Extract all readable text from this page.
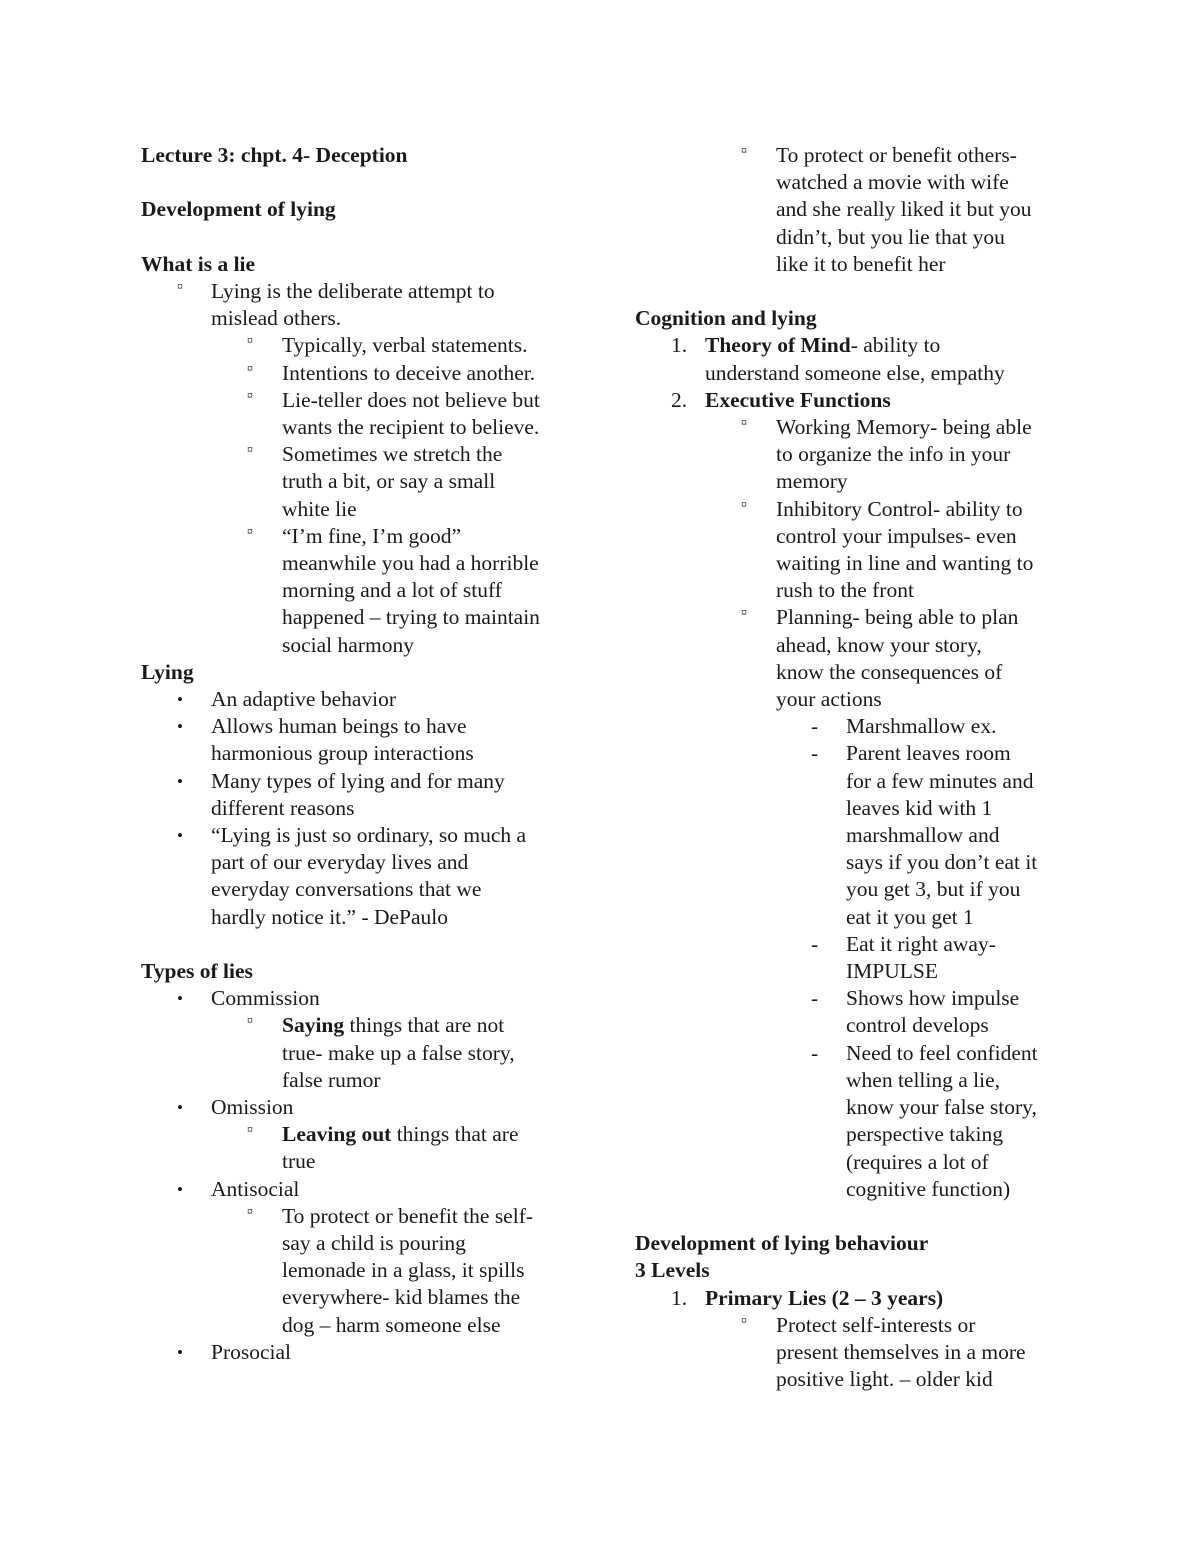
Lecture 3: chpt. 4- Deception
Development of lying
What is a lie
¤ Lying is the deliberate attempt to
mislead others.
¤ Typically, verbal statements.
¤ Intentions to deceive another.
¤ Lie-teller does not believe but
wants the recipient to believe.
¤ Sometimes we stretch the
truth a bit, or say a small
white lie
¤ “I’m fine, I’m good”
meanwhile you had a horrible
morning and a lot of stuff
happened – trying to maintain
social harmony
Lying
• An adaptive behavior
• Allows human beings to have
harmonious group interactions
• Many types of lying and for many
different reasons
• “Lying is just so ordinary, so much a
part of our everyday lives and
everyday conversations that we
hardly notice it.” - DePaulo
Types of lies
• Commission
¤ Saying things that are not
true- make up a false story,
false rumor
• Omission
¤ Leaving out things that are
true
• Antisocial
¤ To protect or benefit the self-
say a child is pouring
lemonade in a glass, it spills
everywhere- kid blames the
dog – harm someone else
• Prosocial
¤ To protect or benefit others-
watched a movie with wife
and she really liked it but you
didn’t, but you lie that you
like it to benefit her
Cognition and lying
1. Theory of Mind- ability to
understand someone else, empathy
2. Executive Functions
¤ Working Memory- being able
to organize the info in your
memory
¤ Inhibitory Control- ability to
control your impulses- even
waiting in line and wanting to
rush to the front
¤ Planning- being able to plan
ahead, know your story,
know the consequences of
your actions
- Marshmallow ex.
- Parent leaves room
for a few minutes and
leaves kid with 1
marshmallow and
says if you don’t eat it
you get 3, but if you
eat it you get 1
- Eat it right away-
IMPULSE
- Shows how impulse
control develops
- Need to feel confident
when telling a lie,
know your false story,
perspective taking
(requires a lot of
cognitive function)
Development of lying behaviour
3 Levels
1. Primary Lies (2 – 3 years)
¤ Protect self-interests or
present themselves in a more
positive light. – older kid
